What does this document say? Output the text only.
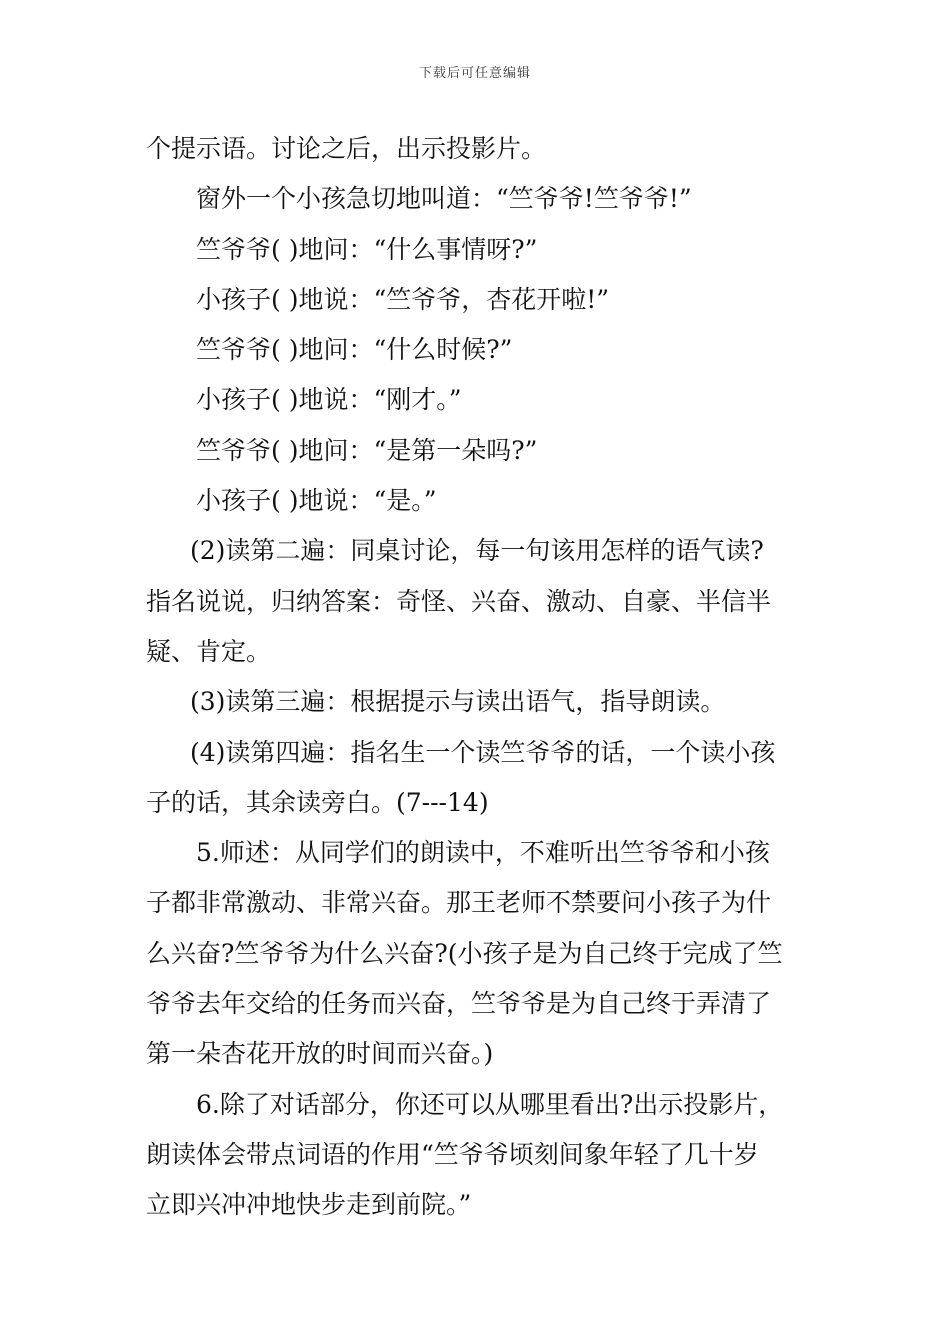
下载后可任意编辑
个提示语。讨论之后，出示投影片。
窗外一个小孩急切地叫道：“竺爷爷!竺爷爷!”
竺爷爷( )地问：“什么事情呀?”
小孩子( )地说：“竺爷爷，杏花开啦!”
竺爷爷( )地问：“什么时候?”
小孩子( )地说：“刚才。”
竺爷爷( )地问：“是第一朵吗?”
小孩子( )地说：“是。”
(2)读第二遍：同桌讨论，每一句该用怎样的语气读?
指名说说，归纳答案：奇怪、兴奋、激动、自豪、半信半
疑、肯定。
(3)读第三遍：根据提示与读出语气，指导朗读。
(4)读第四遍：指名生一个读竺爷爷的话，一个读小孩
子的话，其余读旁白。(7---14)
5.师述：从同学们的朗读中，不难听出竺爷爷和小孩
子都非常激动、非常兴奋。那王老师不禁要问小孩子为什
么兴奋?竺爷爷为什么兴奋?(小孩子是为自己终于完成了竺
爷爷去年交给的任务而兴奋，竺爷爷是为自己终于弄清了
第一朵杏花开放的时间而兴奋。)
6.除了对话部分，你还可以从哪里看出?出示投影片，
朗读体会带点词语的作用“竺爷爷顷刻间象年轻了几十岁
立即兴冲冲地快步走到前院。”
